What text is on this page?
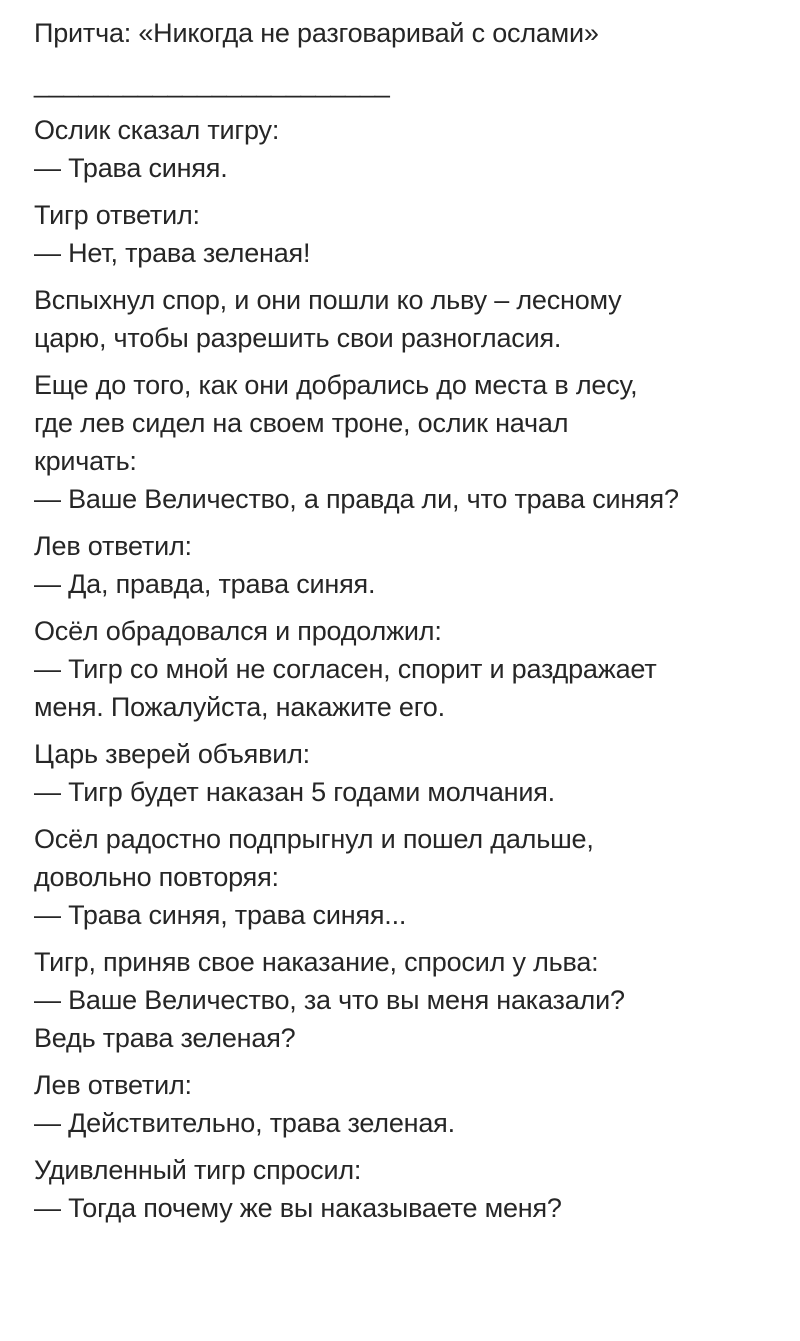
Притча: «Никогда не разговаривай с ослами»
________________________
Ослик сказал тигру:
— Трава синяя.
Тигр ответил:
— Нет, трава зеленая!
Вспыхнул спор, и они пошли ко льву – лесному
царю, чтобы разрешить свои разногласия.
Еще до того, как они добрались до места в лесу,
где лев сидел на своем троне, ослик начал
кричать:
— Ваше Величество, а правда ли, что трава синяя?
Лев ответил:
— Да, правда, трава синяя.
Осёл обрадовался и продолжил:
— Тигр со мной не согласен, спорит и раздражает
меня. Пожалуйста, накажите его.
Царь зверей объявил:
— Тигр будет наказан 5 годами молчания.
Осёл радостно подпрыгнул и пошел дальше,
довольно повторяя:
— Трава синяя, трава синяя...
Тигр, приняв свое наказание, спросил у льва:
— Ваше Величество, за что вы меня наказали?
Ведь трава зеленая?
Лев ответил:
— Действительно, трава зеленая.
Удивленный тигр спросил:
— Тогда почему же вы наказываете меня?
